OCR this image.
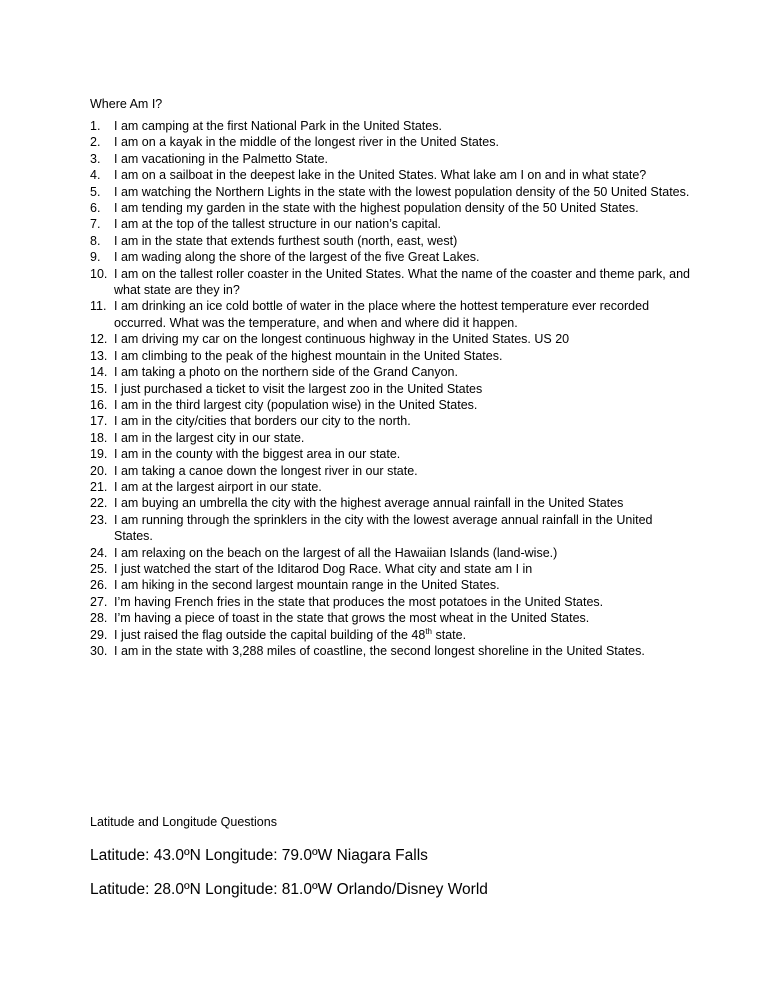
Where Am I?
1.	I am camping at the first National Park in the United States.
2.	I am on a kayak in the middle of the longest river in the United States.
3.	I am vacationing in the Palmetto State.
4.	I am on a sailboat in the deepest lake in the United States. What lake am I on and in what state?
5.	I am watching the Northern Lights in the state with the lowest population density of the 50 United States.
6.	I am tending my garden in the state with the highest population density of the 50 United States.
7.	I am at the top of the tallest structure in our nation’s capital.
8.	I am in the state that extends furthest south (north, east, west)
9.	I am wading along the shore of the largest of the five Great Lakes.
10. I am on the tallest roller coaster in the United States. What the name of the coaster and theme park, and what state are they in?
11. I am drinking an ice cold bottle of water in the place where the hottest temperature ever recorded occurred. What was the temperature, and when and where did it happen.
12. I am driving my car on the longest continuous highway in the United States. US 20
13. I am climbing to the peak of the highest mountain in the United States.
14. I am taking a photo on the northern side of the Grand Canyon.
15. I just purchased a ticket to visit the largest zoo in the United States
16. I am in the third largest city (population wise) in the United States.
17. I am in the city/cities that borders our city to the north.
18. I am in the largest city in our state.
19. I am in the county with the biggest area in our state.
20. I am taking a canoe down the longest river in our state.
21. I am at the largest airport in our state.
22. I am buying an umbrella the city with the highest average annual rainfall in the United States
23. I am running through the sprinklers in the city with the lowest average annual rainfall in the United States.
24. I am relaxing on the beach on the largest of all the Hawaiian Islands (land-wise.)
25. I just watched the start of the Iditarod Dog Race. What city and state am I in
26. I am hiking in the second largest mountain range in the United States.
27. I’m having French fries in the state that produces the most potatoes in the United States.
28. I’m having a piece of toast in the state that grows the most wheat in the United States.
29. I just raised the flag outside the capital building of the 48th state.
30. I am in the state with 3,288 miles of coastline, the second longest shoreline in the United States.
Latitude and Longitude Questions

Latitude: 43.0ºN Longitude: 79.0ºW Niagara Falls

Latitude: 28.0ºN Longitude: 81.0ºW Orlando/Disney World
